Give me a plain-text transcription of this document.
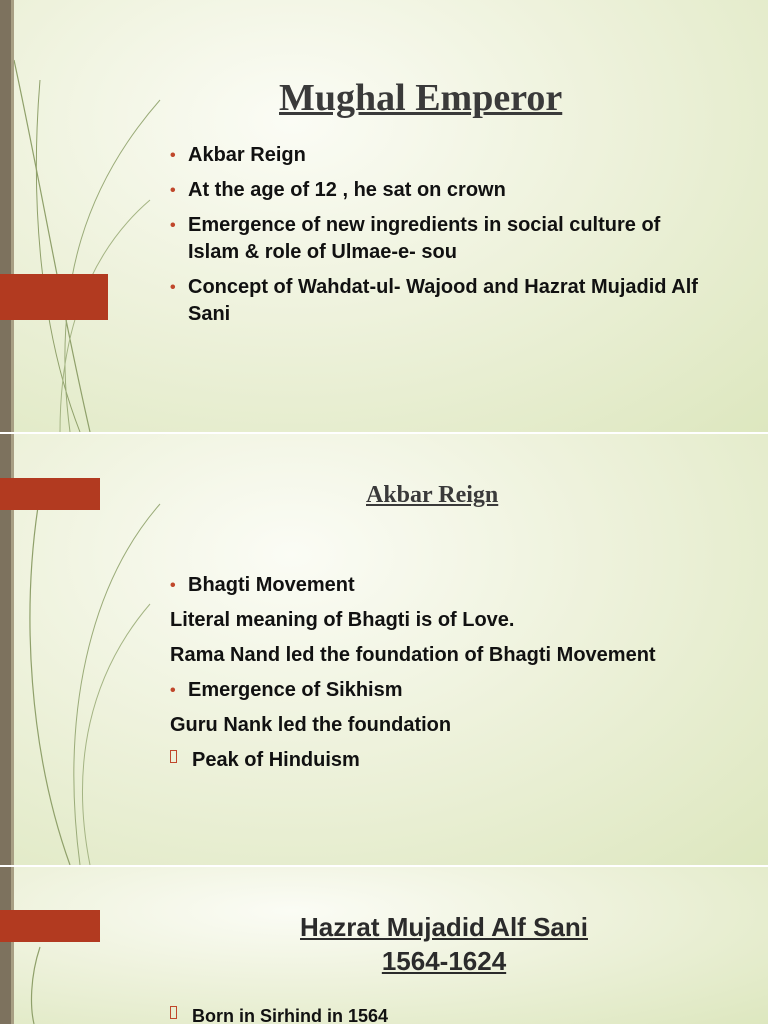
Mughal Emperor
• Akbar Reign
• At the age of 12 , he sat on crown
• Emergence of new ingredients in social culture of Islam & role of Ulmae-e- sou
• Concept of Wahdat-ul- Wajood and Hazrat Mujadid Alf Sani
Akbar Reign
• Bhagti Movement
Literal meaning of Bhagti is of Love.
Rama Nand led the foundation of Bhagti Movement
• Emergence of Sikhism
Guru Nank led the foundation
Peak of Hinduism
Hazrat Mujadid Alf Sani
1564-1624
Born in Sirhind in 1564
